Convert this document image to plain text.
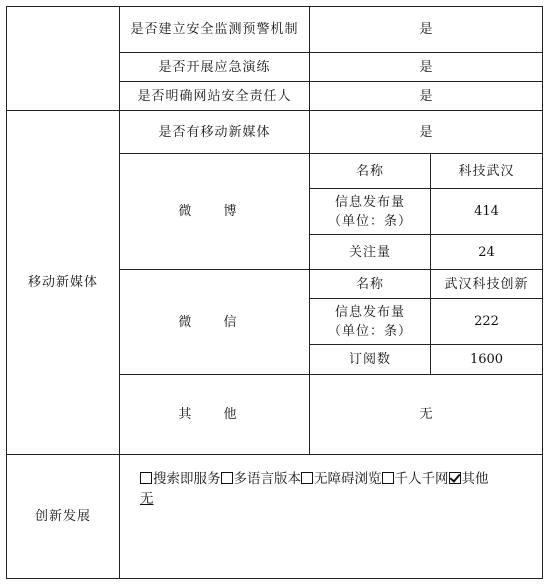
	是否建立安全监测预警机制	是	
	是否开展应急演练	是	
	是否明确网站安全责任人	是	
移动新媒体	是否有移动新媒体	是	
	微 博	名称	科技武汉

		信息发布量
（单位：条）	414
		关注量	24
	微 信	名称	武汉科技创新

		信息发布量
（单位：条）	222
		订阅数	1600
	其 他	无	
创新发展	搜索即服务 多语言版本 无障碍浏览 千人千网 其他
无		
